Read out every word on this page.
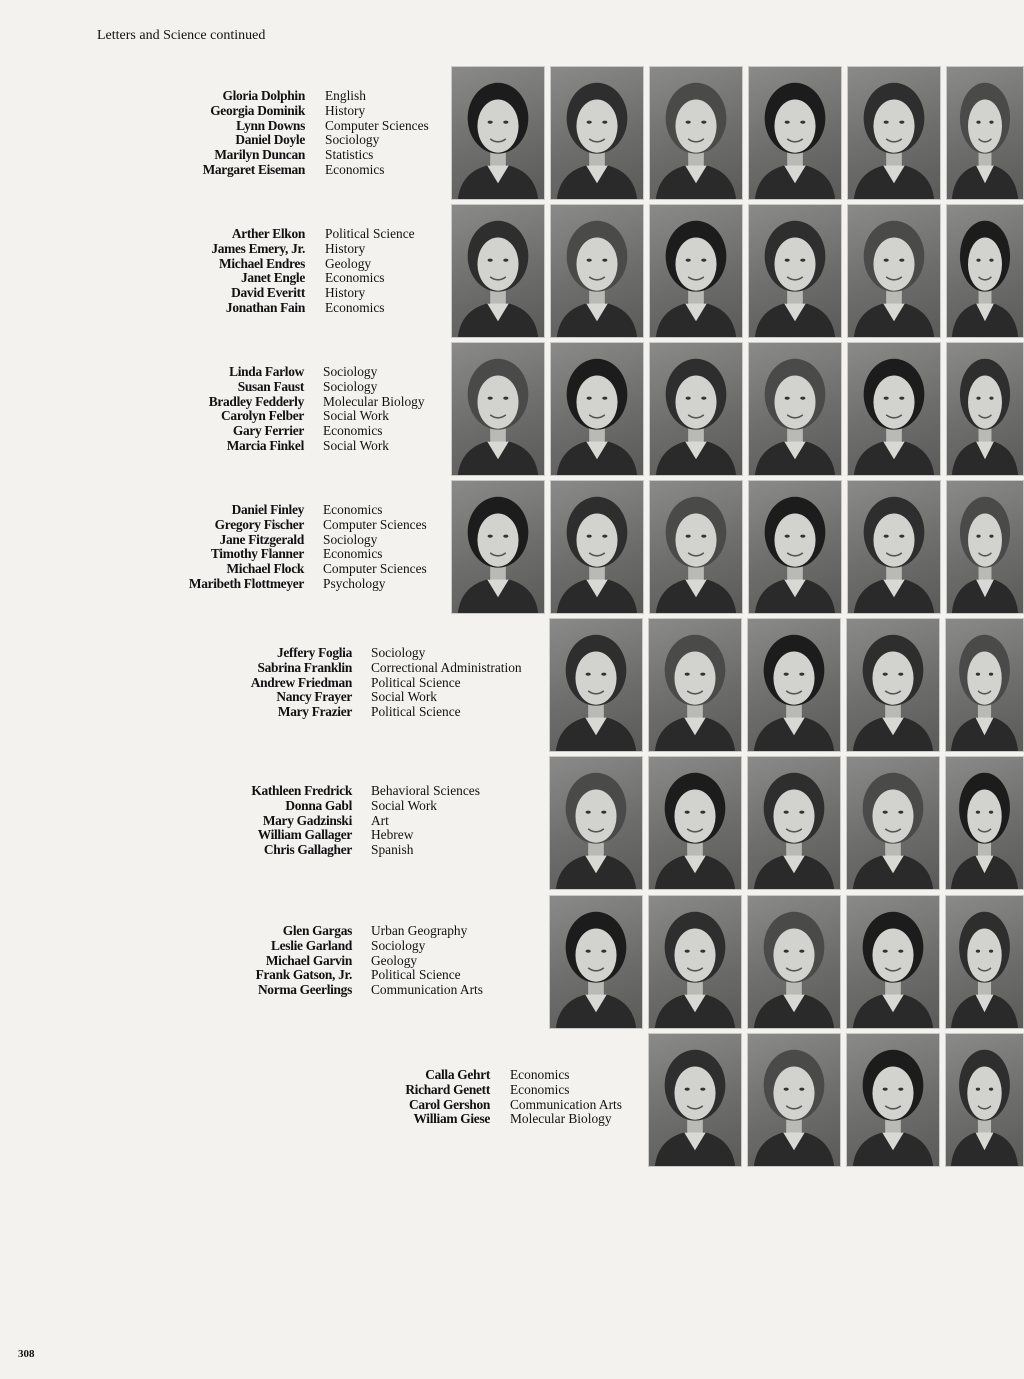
Letters and Science continued
Gloria Dolphin
Georgia Dominik
Lynn Downs
Daniel Doyle
Marilyn Duncan
Margaret Eiseman
English
History
Computer Sciences
Sociology
Statistics
Economics
Arther Elkon
James Emery, Jr.
Michael Endres
Janet Engle
David Everitt
Jonathan Fain
Political Science
History
Geology
Economics
History
Economics
Linda Farlow
Susan Faust
Bradley Fedderly
Carolyn Felber
Gary Ferrier
Marcia Finkel
Sociology
Sociology
Molecular Biology
Social Work
Economics
Social Work
Daniel Finley
Gregory Fischer
Jane Fitzgerald
Timothy Flanner
Michael Flock
Maribeth Flottmeyer
Economics
Computer Sciences
Sociology
Economics
Computer Sciences
Psychology
Jeffery Foglia
Sabrina Franklin
Andrew Friedman
Nancy Frayer
Mary Frazier
Sociology
Correctional Administration
Political Science
Social Work
Political Science
Kathleen Fredrick
Donna Gabl
Mary Gadzinski
William Gallager
Chris Gallagher
Behavioral Sciences
Social Work
Art
Hebrew
Spanish
Glen Gargas
Leslie Garland
Michael Garvin
Frank Gatson, Jr.
Norma Geerlings
Urban Geography
Sociology
Geology
Political Science
Communication Arts
Calla Gehrt
Richard Genett
Carol Gershon
William Giese
Economics
Economics
Communication Arts
Molecular Biology
308
